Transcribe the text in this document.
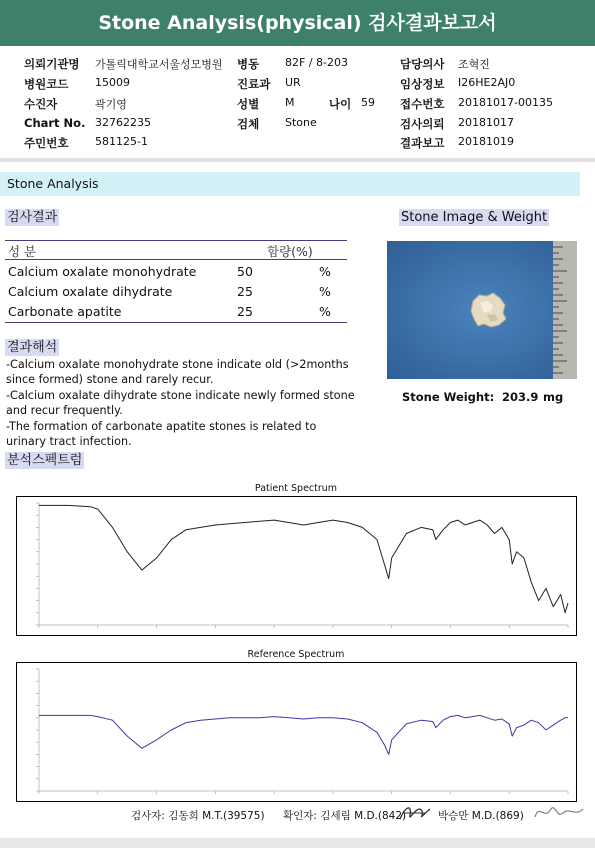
Stone Analysis(physical) 검사결과보고서
의뢰기관명 가톨릭대학교서울성모병원 병동 82F / 8-203	담당의사 조혁진
병원코드 15009	진료과 UR	임상정보 I26HE2AJ0
수진자	곽기영	성별 M	나이 59 접수번호 20181017-00135
Chart No. 32762235	검체 Stone	검사의뢰 20181017
주민번호 581125-1	결과보고 20181019
Stone Analysis
검사결과
성 분	함량(%)
Calcium oxalate monohydrate	50	%
Calcium oxalate dihydrate	25	%
Carbonate apatite	25	%
Stone Image & Weight
Stone Weight: 203.9 mg
결과해석
-Calcium oxalate monohydrate stone indicate old (>2months
since formed) stone and rarely recur.
-Calcium oxalate dihydrate stone indicate newly formed stone
and recur frequently.
-The formation of carbonate apatite stones is related to
urinary tract infection.
분석스펙트럼
Patient Spectrum
Reference Spectrum
검사자: 김동희 M.T.(39575) 확인자: 김세림 M.D.(842)	박승만 M.D.(869)
